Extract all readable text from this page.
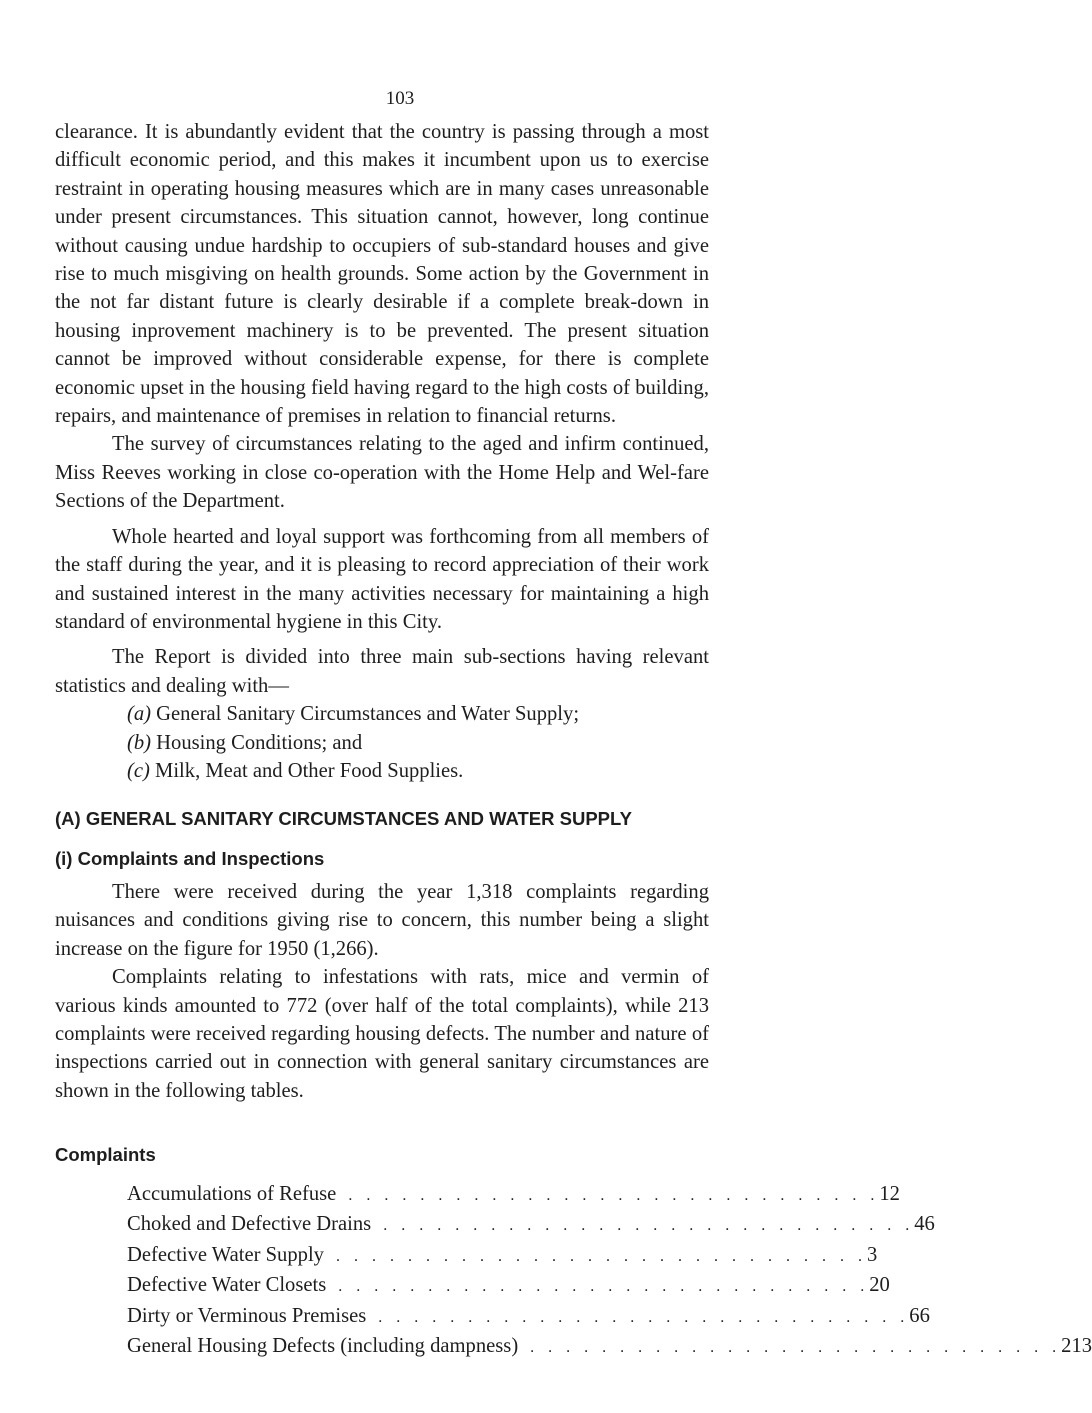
103

clearance. It is abundantly evident that the country is passing through a most difficult economic period, and this makes it incumbent upon us to exercise restraint in operating housing measures which are in many cases unreasonable under present circumstances. This situation cannot, however, long continue without causing undue hardship to occupiers of sub-standard houses and give rise to much misgiving on health grounds. Some action by the Government in the not far distant future is clearly desirable if a complete break-down in housing inprovement machinery is to be prevented. The present situation cannot be improved without considerable expense, for there is complete economic upset in the housing field having regard to the high costs of building, repairs, and maintenance of premises in relation to financial returns.

The survey of circumstances relating to the aged and infirm continued, Miss Reeves working in close co-operation with the Home Help and Wel-fare Sections of the Department.

Whole hearted and loyal support was forthcoming from all members of the staff during the year, and it is pleasing to record appreciation of their work and sustained interest in the many activities necessary for maintaining a high standard of environmental hygiene in this City.

The Report is divided into three main sub-sections having relevant statistics and dealing with—

(a) General Sanitary Circumstances and Water Supply;

(b) Housing Conditions; and

(c) Milk, Meat and Other Food Supplies.

(A) GENERAL SANITARY CIRCUMSTANCES AND WATER SUPPLY
(i) Complaints and Inspections

There were received during the year 1,318 complaints regarding nuisances and conditions giving rise to concern, this number being a slight increase on the figure for 1950 (1,266).

Complaints relating to infestations with rats, mice and vermin of various kinds amounted to 772 (over half of the total complaints), while 213 complaints were received regarding housing defects. The number and nature of inspections carried out in connection with general sanitary circumstances are shown in the following tables.

Complaints
Accumulations of Refuse . . . . . . . . . . . . . . . . . . . . . . . . . . . . . . 12
Choked and Defective Drains . . . . . . . . . . . . . . . . . . . . . . . . . . . . . . 46
Defective Water Supply . . . . . . . . . . . . . . . . . . . . . . . . . . . . . . 3
Defective Water Closets . . . . . . . . . . . . . . . . . . . . . . . . . . . . . . 20
Dirty or Verminous Premises . . . . . . . . . . . . . . . . . . . . . . . . . . . . . . 66
General Housing Defects (including dampness) . . . . . . . . . . . . . . . . . . . . . . . . . . . . . . 213
